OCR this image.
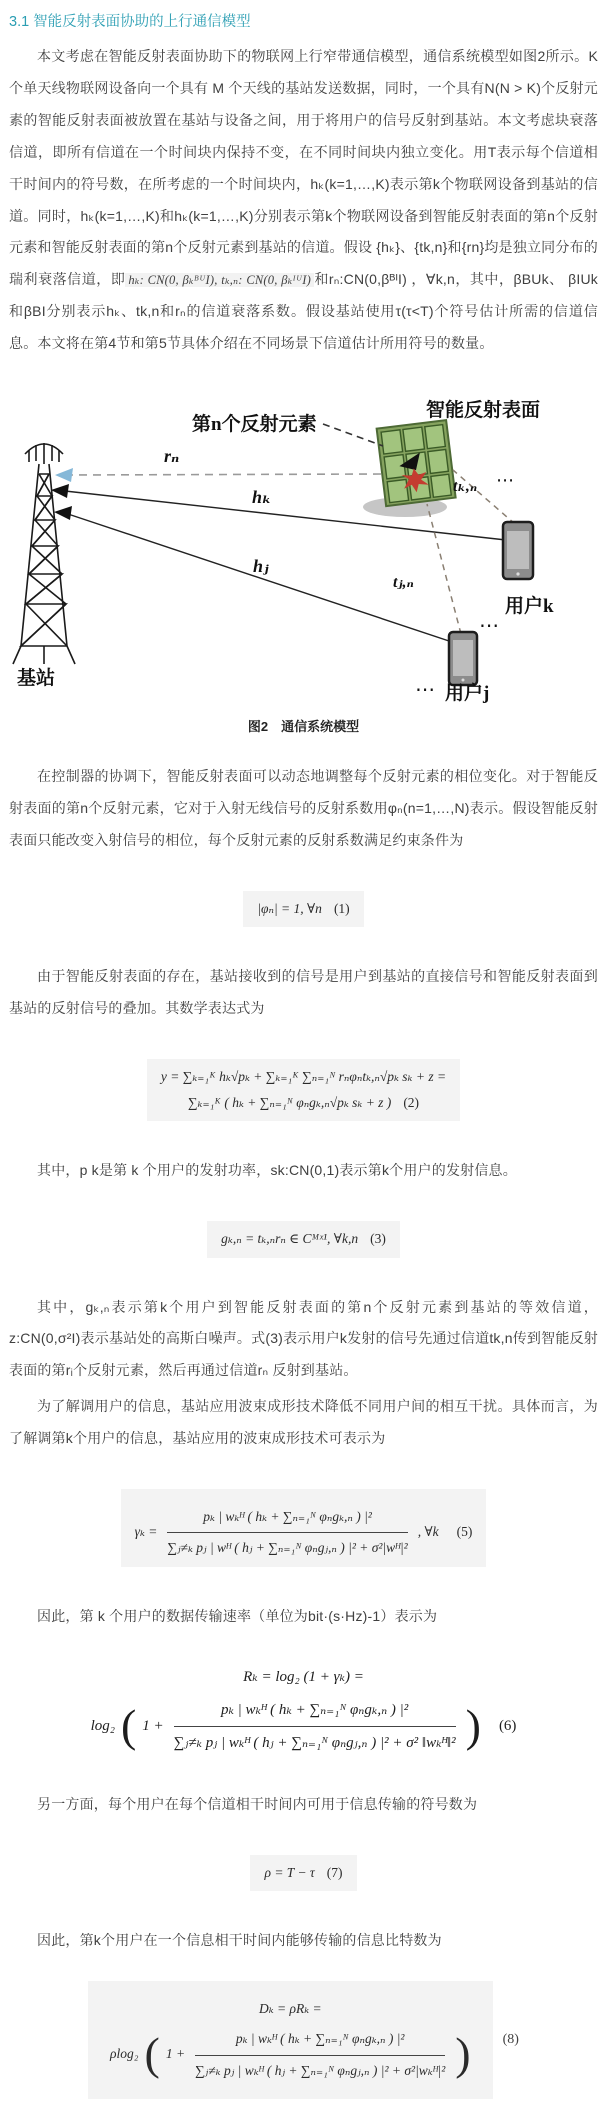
3.1 智能反射表面协助的上行通信模型

本文考虑在智能反射表面协助下的物联网上行窄带通信模型，通信系统模型如图2所示。K个单天线物联网设备向一个具有 M 个天线的基站发送数据，同时，一个具有N(N > K)个反射元素的智能反射表面被放置在基站与设备之间，用于将用户的信号反射到基站。本文考虑块衰落信道，即所有信道在一个时间块内保持不变，在不同时间块内独立变化。用T表示每个信道相干时间内的符号数，在所考虑的一个时间块内，hₖ(k=1,…,K)表示第k个物联网设备到基站的信道。同时，hₖ(k=1,…,K)和hₖ(k=1,…,K)分别表示第k个物联网设备到智能反射表面的第n个反射元素和智能反射表面的第n个反射元素到基站的信道。假设 {hₖ}、{tk,n}和{rn}均是独立同分布的瑞利衰落信道，即 hₖ: CN(0, βₖᴮᵁI), tₖ,ₙ: CN(0, βₖᴵᵁI) 和rₙ:CN(0,βᴮᴵI) ，∀k,n，其中，βBUk、 βIUk和βBI分别表示hₖ、tk,n和rₙ的信道衰落系数。假设基站使用τ(τ<T)个符号估计所需的信道信息。本文将在第4节和第5节具体介绍在不同场景下信道估计所用符号的数量。

基站
智能反射表面
第n个反射元素
rₙ
hₖ
hⱼ
tₖ,ₙ ⋯
tⱼ,ₙ
用户k
⋯
⋯ 用户j
图2　通信系统模型

在控制器的协调下，智能反射表面可以动态地调整每个反射元素的相位变化。对于智能反射表面的第n个反射元素，它对于入射无线信号的反射系数用φₙ(n=1,…,N)表示。假设智能反射表面只能改变入射信号的相位，每个反射元素的反射系数满足约束条件为

|φₙ| = 1, ∀n (1)

由于智能反射表面的存在，基站接收到的信号是用户到基站的直接信号和智能反射表面到基站的反射信号的叠加。其数学表达式为

y = ∑ₖ₌₁ᴷ hₖ√pₖ + ∑ₖ₌₁ᴷ ∑ₙ₌₁ᴺ rₙφₙtₖ,ₙ√pₖ sₖ + z =
∑ₖ₌₁ᴷ ( hₖ + ∑ₙ₌₁ᴺ φₙgₖ,ₙ√pₖ sₖ + z ) (2)

其中，p k是第 k 个用户的发射功率，sk:CN(0,1)表示第k个用户的发射信息。

gₖ,ₙ = tₖ,ₙrₙ ∈ Cᴹˣ¹, ∀k,n (3)

其中，gₖ,ₙ表示第k个用户到智能反射表面的第n个反射元素到基站的等效信道，z:CN(0,σ²I)表示基站处的高斯白噪声。式(3)表示用户k发射的信号先通过信道tk,n传到智能反射表面的第rᵢ个反射元素，然后再通过信道rₙ 反射到基站。

为了解调用户的信息，基站应用波束成形技术降低不同用户间的相互干扰。具体而言，为了解调第k个用户的信息，基站应用的波束成形技术可表示为

$\gamma_k = \frac{\text{pₖ | wₖᴴ ( hₖ + ∑ₙ₌₁ᴺ φₙgₖ,ₙ ) |²}}{\text{∑ⱼ≠ₖ pⱼ | wᴴ ( hⱼ + ∑ₙ₌₁ᴺ φₙgⱼ,ₙ ) |² + σ²|wᴴ|²}}$ , ∀k (5)

因此，第 k 个用户的数据传输速率（单位为bit·(s·Hz)-1）表示为

Rₖ = log₂ (1 + γₖ) =
log₂ ( $1 + \frac{\text{pₖ | wₖᴴ ( hₖ + ∑ₙ₌₁ᴺ φₙgₖ,ₙ ) |²}}{\text{∑ⱼ≠ₖ pⱼ | wₖᴴ ( hⱼ + ∑ₙ₌₁ᴺ φₙgⱼ,ₙ ) |² + σ² ‖wₖᴴ‖²}}$ ) (6)

另一方面，每个用户在每个信道相干时间内可用于信息传输的符号数为

ρ = T − τ (7)

因此，第k个用户在一个信息相干时间内能够传输的信息比特数为

Dₖ = ρRₖ =
ρlog₂ ( $1 + \frac{\text{pₖ | wₖᴴ ( hₖ + ∑ₙ₌₁ᴺ φₙgₖ,ₙ ) |²}}{\text{∑ⱼ≠ₖ pⱼ | wₖᴴ ( hⱼ + ∑ₙ₌₁ᴺ φₙgⱼ,ₙ ) |² + σ²|wₖᴴ|²}}$ ) (8)
